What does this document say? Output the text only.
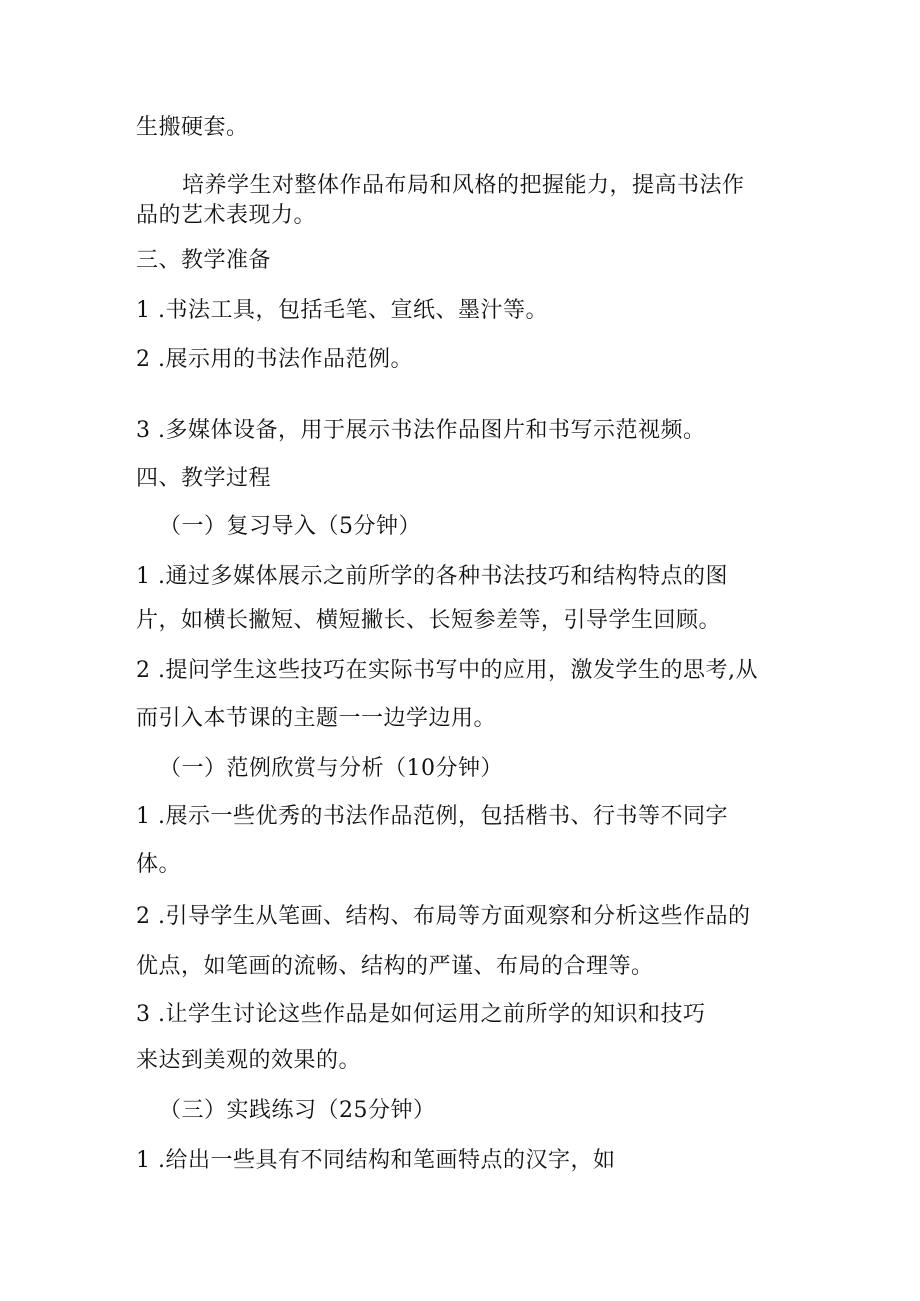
生搬硬套。
培养学生对整体作品布局和风格的把握能力，提高书法作
品的艺术表现力。
三、教学准备
1 .书法工具，包括毛笔、宣纸、墨汁等。
2 .展示用的书法作品范例。
3 .多媒体设备，用于展示书法作品图片和书写示范视频。
四、教学过程
（一）复习导入（5分钟）
1 .通过多媒体展示之前所学的各种书法技巧和结构特点的图
片，如横长撇短、横短撇长、长短参差等，引导学生回顾。
2 .提问学生这些技巧在实际书写中的应用，激发学生的思考,从
而引入本节课的主题一一边学边用。
（一）范例欣赏与分析（10分钟）
1 .展示一些优秀的书法作品范例，包括楷书、行书等不同字
体。
2 .引导学生从笔画、结构、布局等方面观察和分析这些作品的
优点，如笔画的流畅、结构的严谨、布局的合理等。
3 .让学生讨论这些作品是如何运用之前所学的知识和技巧
来达到美观的效果的。
（三）实践练习（25分钟）
1 .给出一些具有不同结构和笔画特点的汉字，如
